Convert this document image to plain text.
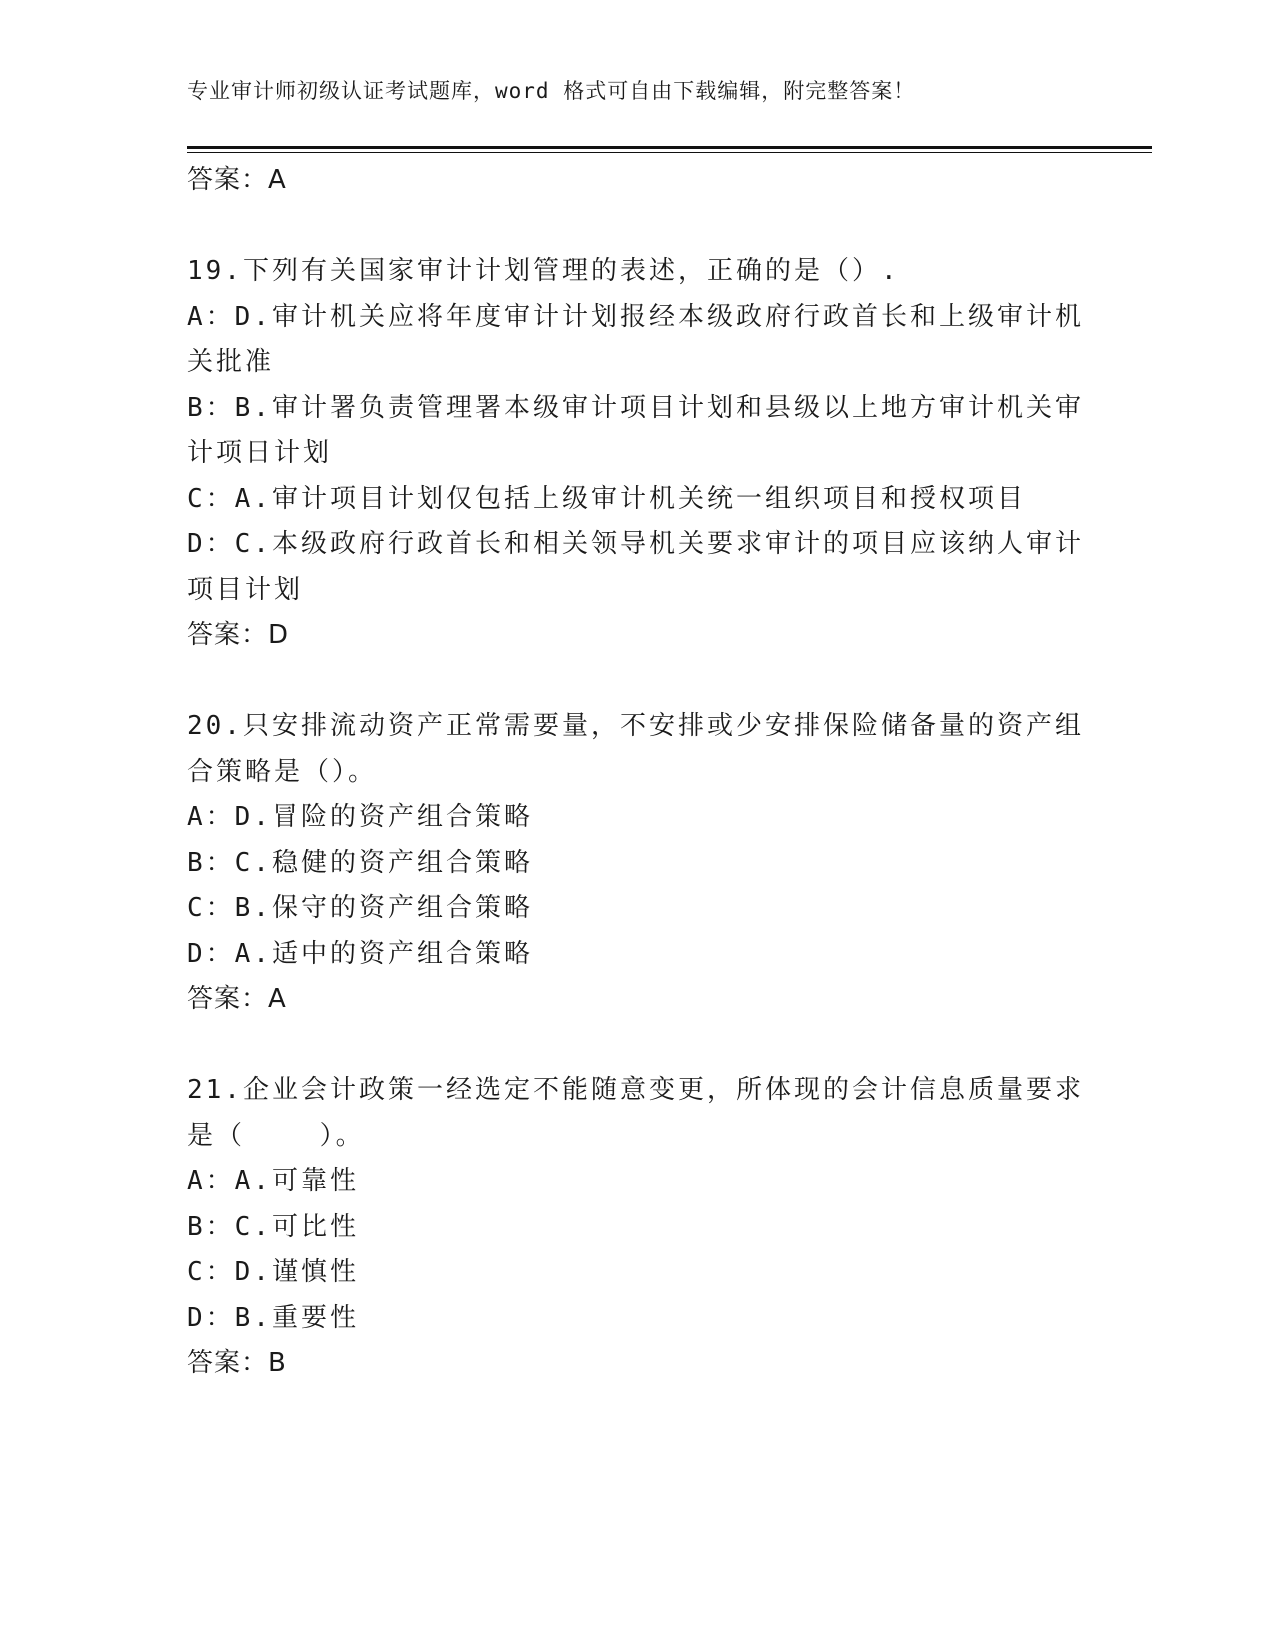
专业审计师初级认证考试题库，word 格式可自由下载编辑，附完整答案！
答案：A
19.下列有关国家审计计划管理的表述，正确的是（）.
A：D.审计机关应将年度审计计划报经本级政府行政首长和上级审计机
关批准
B：B.审计署负责管理署本级审计项目计划和县级以上地方审计机关审
计项日计划
C：A.审计项目计划仅包括上级审计机关统一组织项目和授权项目
D：C.本级政府行政首长和相关领导机关要求审计的项目应该纳人审计
项目计划
答案：D
20.只安排流动资产正常需要量，不安排或少安排保险储备量的资产组
合策略是（）。
A：D.冒险的资产组合策略
B：C.稳健的资产组合策略
C：B.保守的资产组合策略
D：A.适中的资产组合策略
答案：A
21.企业会计政策一经选定不能随意变更，所体现的会计信息质量要求
是（    ）。
A：A.可靠性
B：C.可比性
C：D.谨慎性
D：B.重要性
答案：B
